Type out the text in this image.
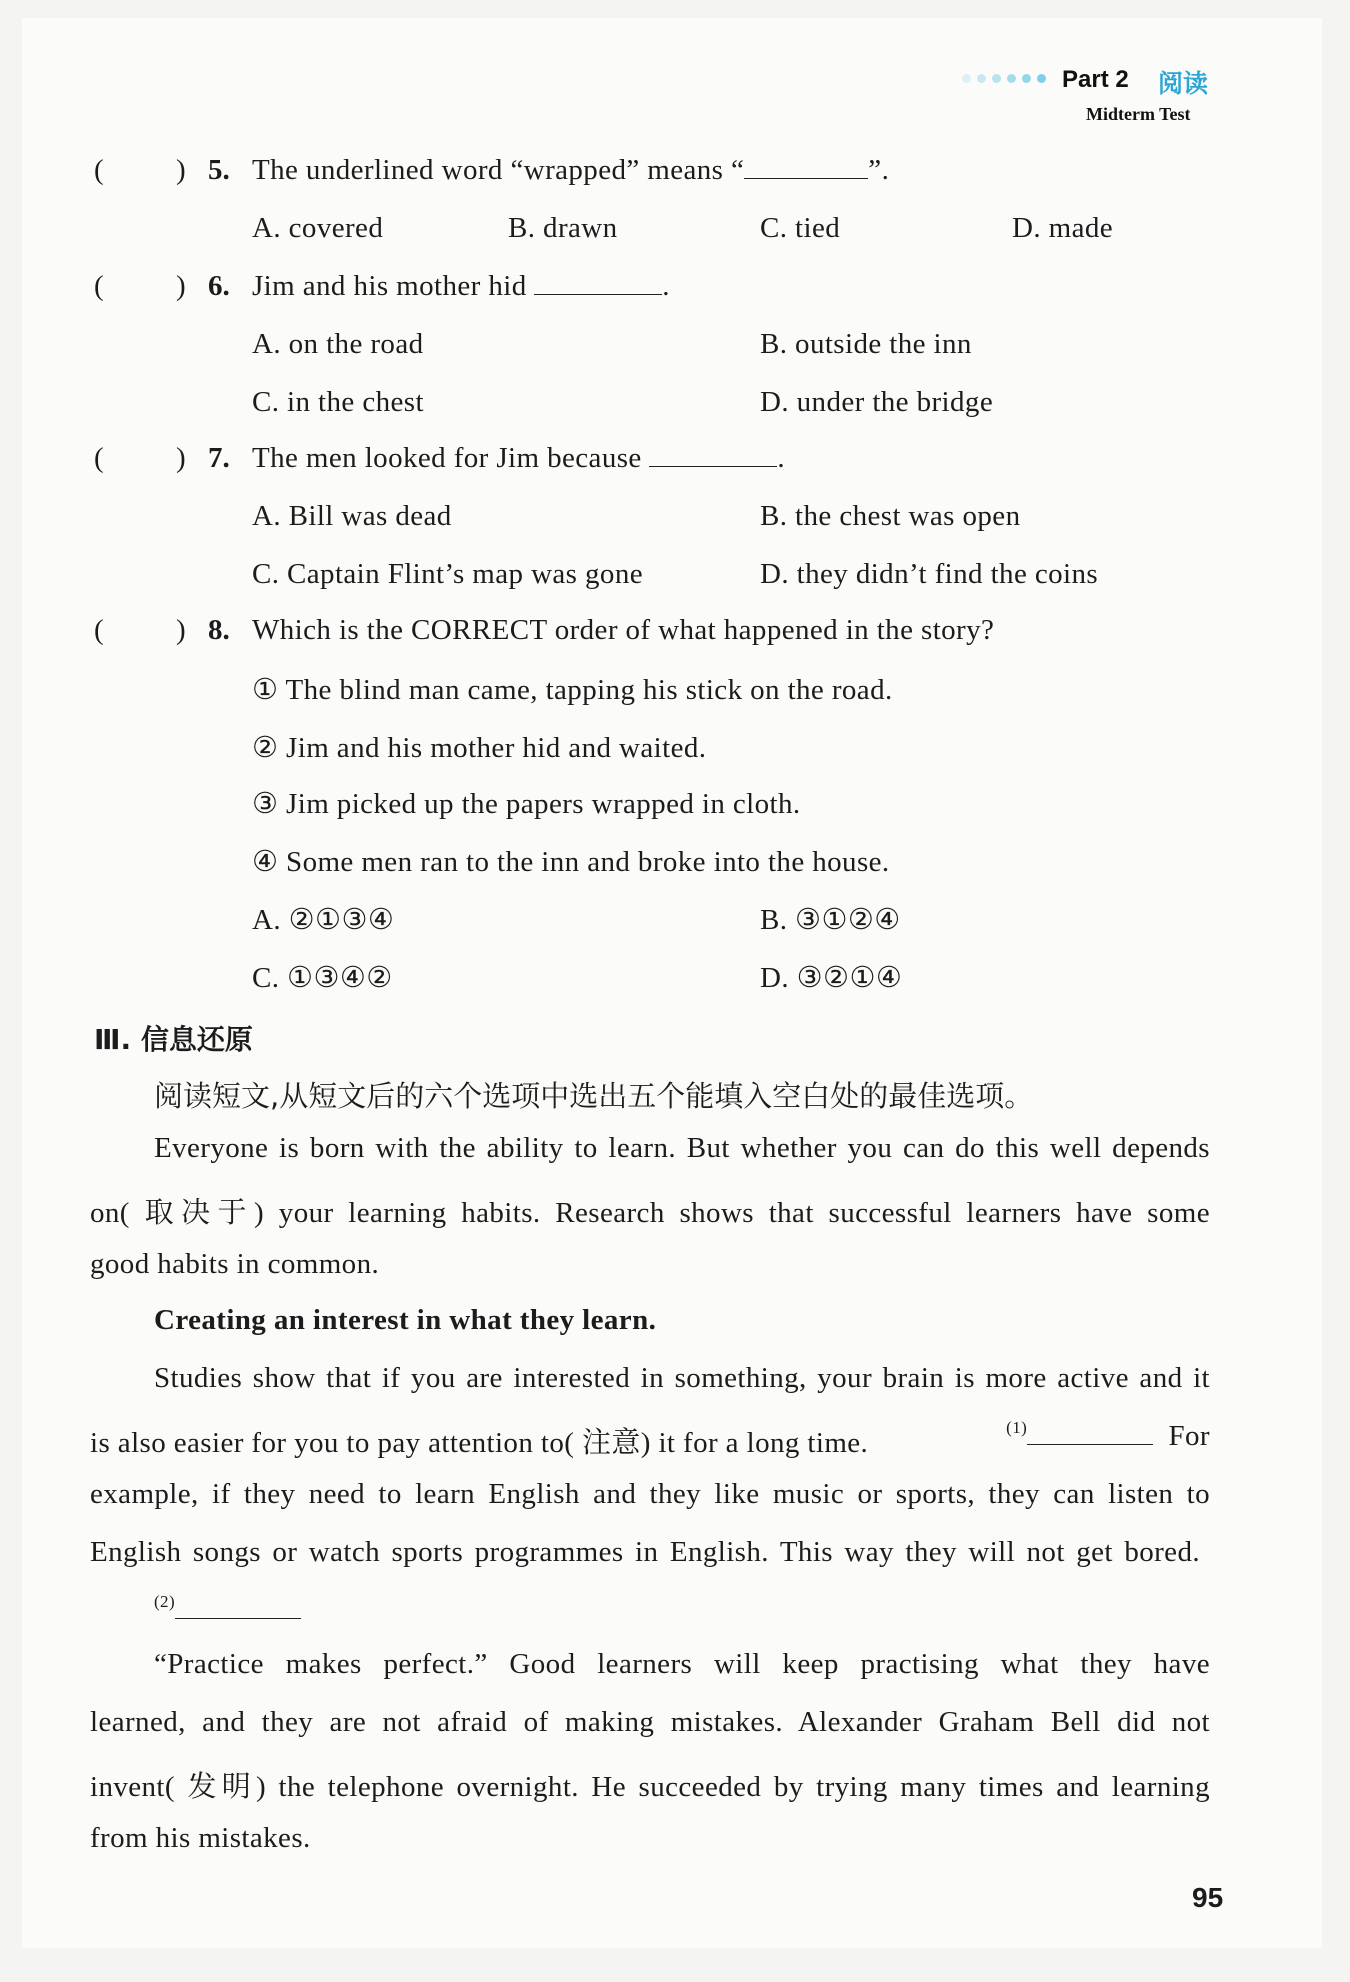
Part 2 阅读
Midterm Test
( ) 5. The underlined word “wrapped” means “	”.
A. covered	B. drawn	C. tied	D. made
( ) 6. Jim and his mother hid	.
A. on the road	B. outside the inn
C. in the chest	D. under the bridge
( ) 7. The men looked for Jim because	.
A. Bill was dead	B. the chest was open
C. Captain Flint’s map was gone	D. they didn’t find the coins
( ) 8. Which is the CORRECT order of what happened in the story?
① The blind man came, tapping his stick on the road.
② Jim and his mother hid and waited.
③ Jim picked up the papers wrapped in cloth.
④ Some men ran to the inn and broke into the house.
A. ②①③④	B. ③①②④
C. ①③④②	D. ③②①④
Ⅲ. 信息还原
阅读短文,从短文后的六个选项中选出五个能填入空白处的最佳选项。
Everyone is born with the ability to learn. But whether you can do this well depends
on( 取决于) your learning habits. Research shows that successful learners have some
good habits in common.
Creating an interest in what they learn.
Studies show that if you are interested in something, your brain is more active and it
is also easier for you to pay attention to( 注意) it for a long time.	$^{(1)}$	For
example, if they need to learn English and they like music or sports, they can listen to
English songs or watch sports programmes in English. This way they will not get bored.
$^{(2)}$
“Practice makes perfect.” Good learners will keep practising what they have
learned, and they are not afraid of making mistakes. Alexander Graham Bell did not
invent( 发明) the telephone overnight. He succeeded by trying many times and learning
from his mistakes.
95
